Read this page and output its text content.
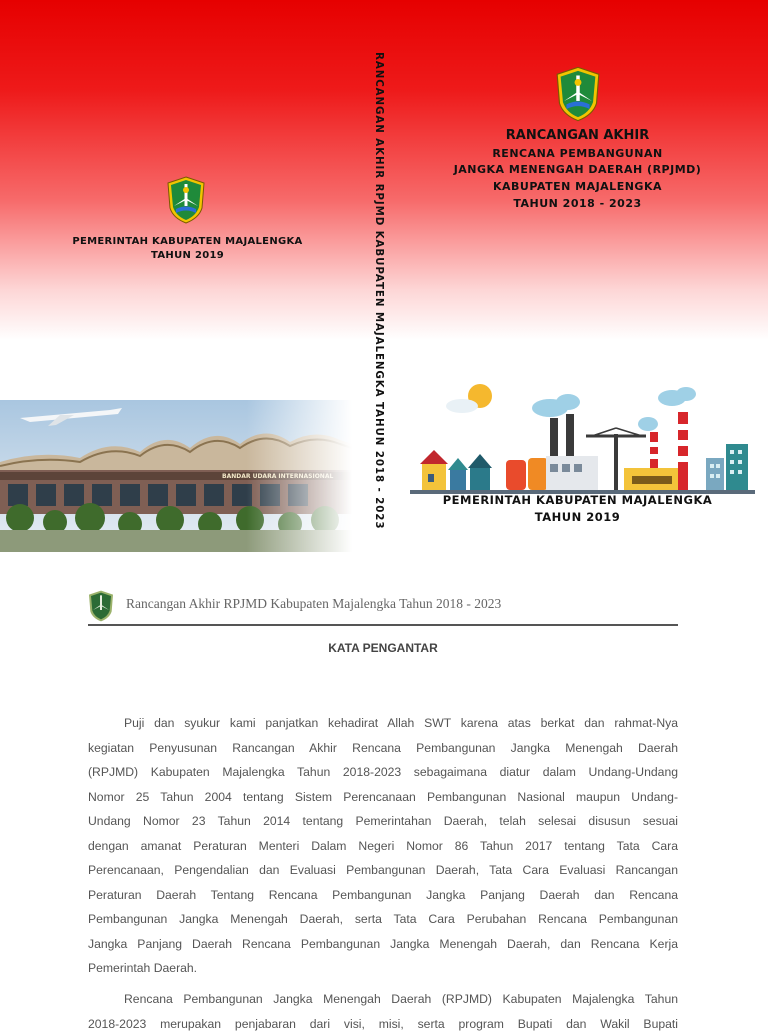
PEMERINTAH KABUPATEN MAJALENGKA
TAHUN 2019	RANCANGAN AKHIR RPJMD KABUPATEN MAJALENGKA TAHUN 2018 - 2023	RANCANGAN AKHIR
RENCANA PEMBANGUNAN
JANGKA MENENGAH DAERAH (RPJMD)
KABUPATEN MAJALENGKA
TAHUN 2018 - 2023
PEMERINTAH KABUPATEN MAJALENGKA
TAHUN 2019
Rancangan Akhir RPJMD Kabupaten Majalengka Tahun 2018 - 2023
KATA PENGANTAR
Puji dan syukur kami panjatkan kehadirat Allah SWT karena atas berkat dan rahmat-Nya
kegiatan Penyusunan Rancangan Akhir Rencana Pembangunan Jangka Menengah Daerah
(RPJMD) Kabupaten Majalengka Tahun 2018-2023 sebagaimana diatur dalam Undang-Undang
Nomor 25 Tahun 2004 tentang Sistem Perencanaan Pembangunan Nasional maupun Undang-
Undang Nomor 23 Tahun 2014 tentang Pemerintahan Daerah, telah selesai disusun sesuai
dengan amanat Peraturan Menteri Dalam Negeri Nomor 86 Tahun 2017 tentang Tata Cara
Perencanaan, Pengendalian dan Evaluasi Pembangunan Daerah, Tata Cara Evaluasi Rancangan
Peraturan Daerah Tentang Rencana Pembangunan Jangka Panjang Daerah dan Rencana
Pembangunan Jangka Menengah Daerah, serta Tata Cara Perubahan Rencana Pembangunan
Jangka Panjang Daerah Rencana Pembangunan Jangka Menengah Daerah, dan Rencana Kerja
Pemerintah Daerah.
Rencana Pembangunan Jangka Menengah Daerah (RPJMD) Kabupaten Majalengka Tahun
2018-2023 merupakan penjabaran dari visi, misi, serta program Bupati dan Wakil Bupati
